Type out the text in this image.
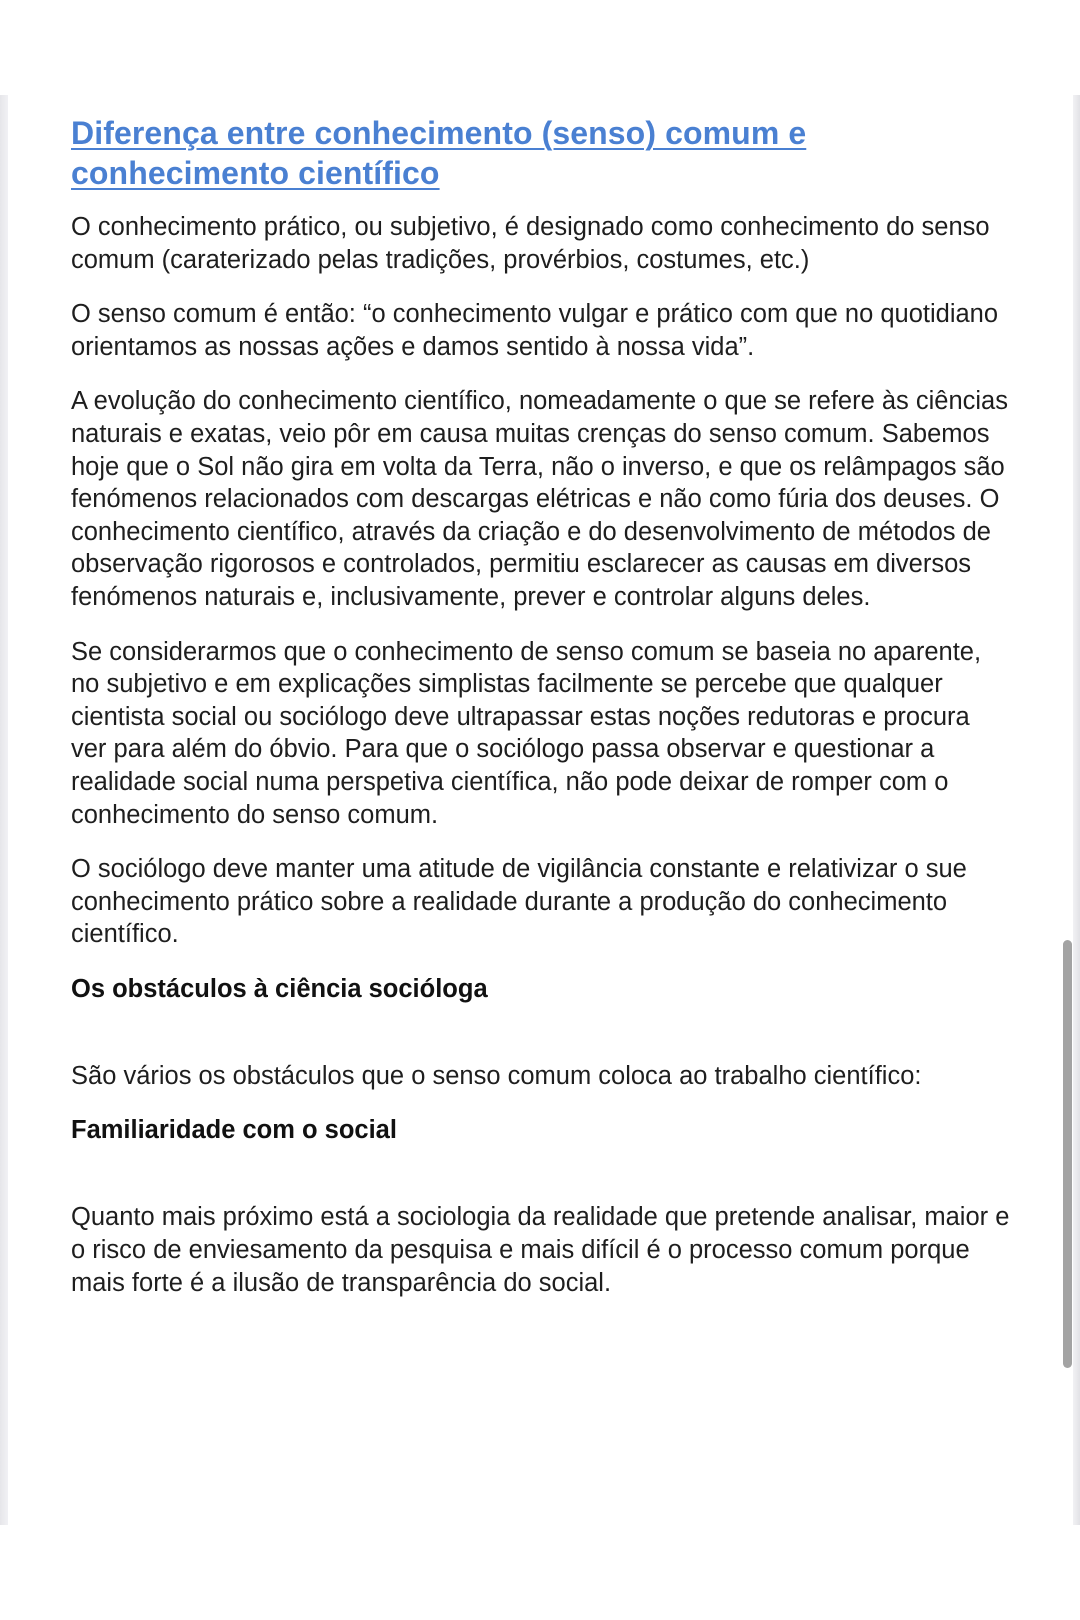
Diferença entre conhecimento (senso) comum e conhecimento científico

O conhecimento prático, ou subjetivo, é designado como conhecimento do senso comum (caraterizado pelas tradições, provérbios, costumes, etc.)

O senso comum é então: “o conhecimento vulgar e prático com que no quotidiano orientamos as nossas ações e damos sentido à nossa vida”.

A evolução do conhecimento científico, nomeadamente o que se refere às ciências naturais e exatas, veio pôr em causa muitas crenças do senso comum. Sabemos hoje que o Sol não gira em volta da Terra, não o inverso, e que os relâmpagos são fenómenos relacionados com descargas elétricas e não como fúria dos deuses. O conhecimento científico, através da criação e do desenvolvimento de métodos de observação rigorosos e controlados, permitiu esclarecer as causas em diversos fenómenos naturais e, inclusivamente, prever e controlar alguns deles.

Se considerarmos que o conhecimento de senso comum se baseia no aparente, no subjetivo e em explicações simplistas facilmente se percebe que qualquer cientista social ou sociólogo deve ultrapassar estas noções redutoras e procura ver para além do óbvio. Para que o sociólogo passa observar e questionar a realidade social numa perspetiva científica, não pode deixar de romper com o conhecimento do senso comum.

O sociólogo deve manter uma atitude de vigilância constante e relativizar o sue conhecimento prático sobre a realidade durante a produção do conhecimento científico.

Os obstáculos à ciência sociólogа

São vários os obstáculos que o senso comum coloca ao trabalho científico:

Familiaridade com o social

Quanto mais próximo está a sociologia da realidade que pretende analisar, maior e o risco de enviesamento da pesquisa e mais difícil é o processo comum porque mais forte é a ilusão de transparência do social.
